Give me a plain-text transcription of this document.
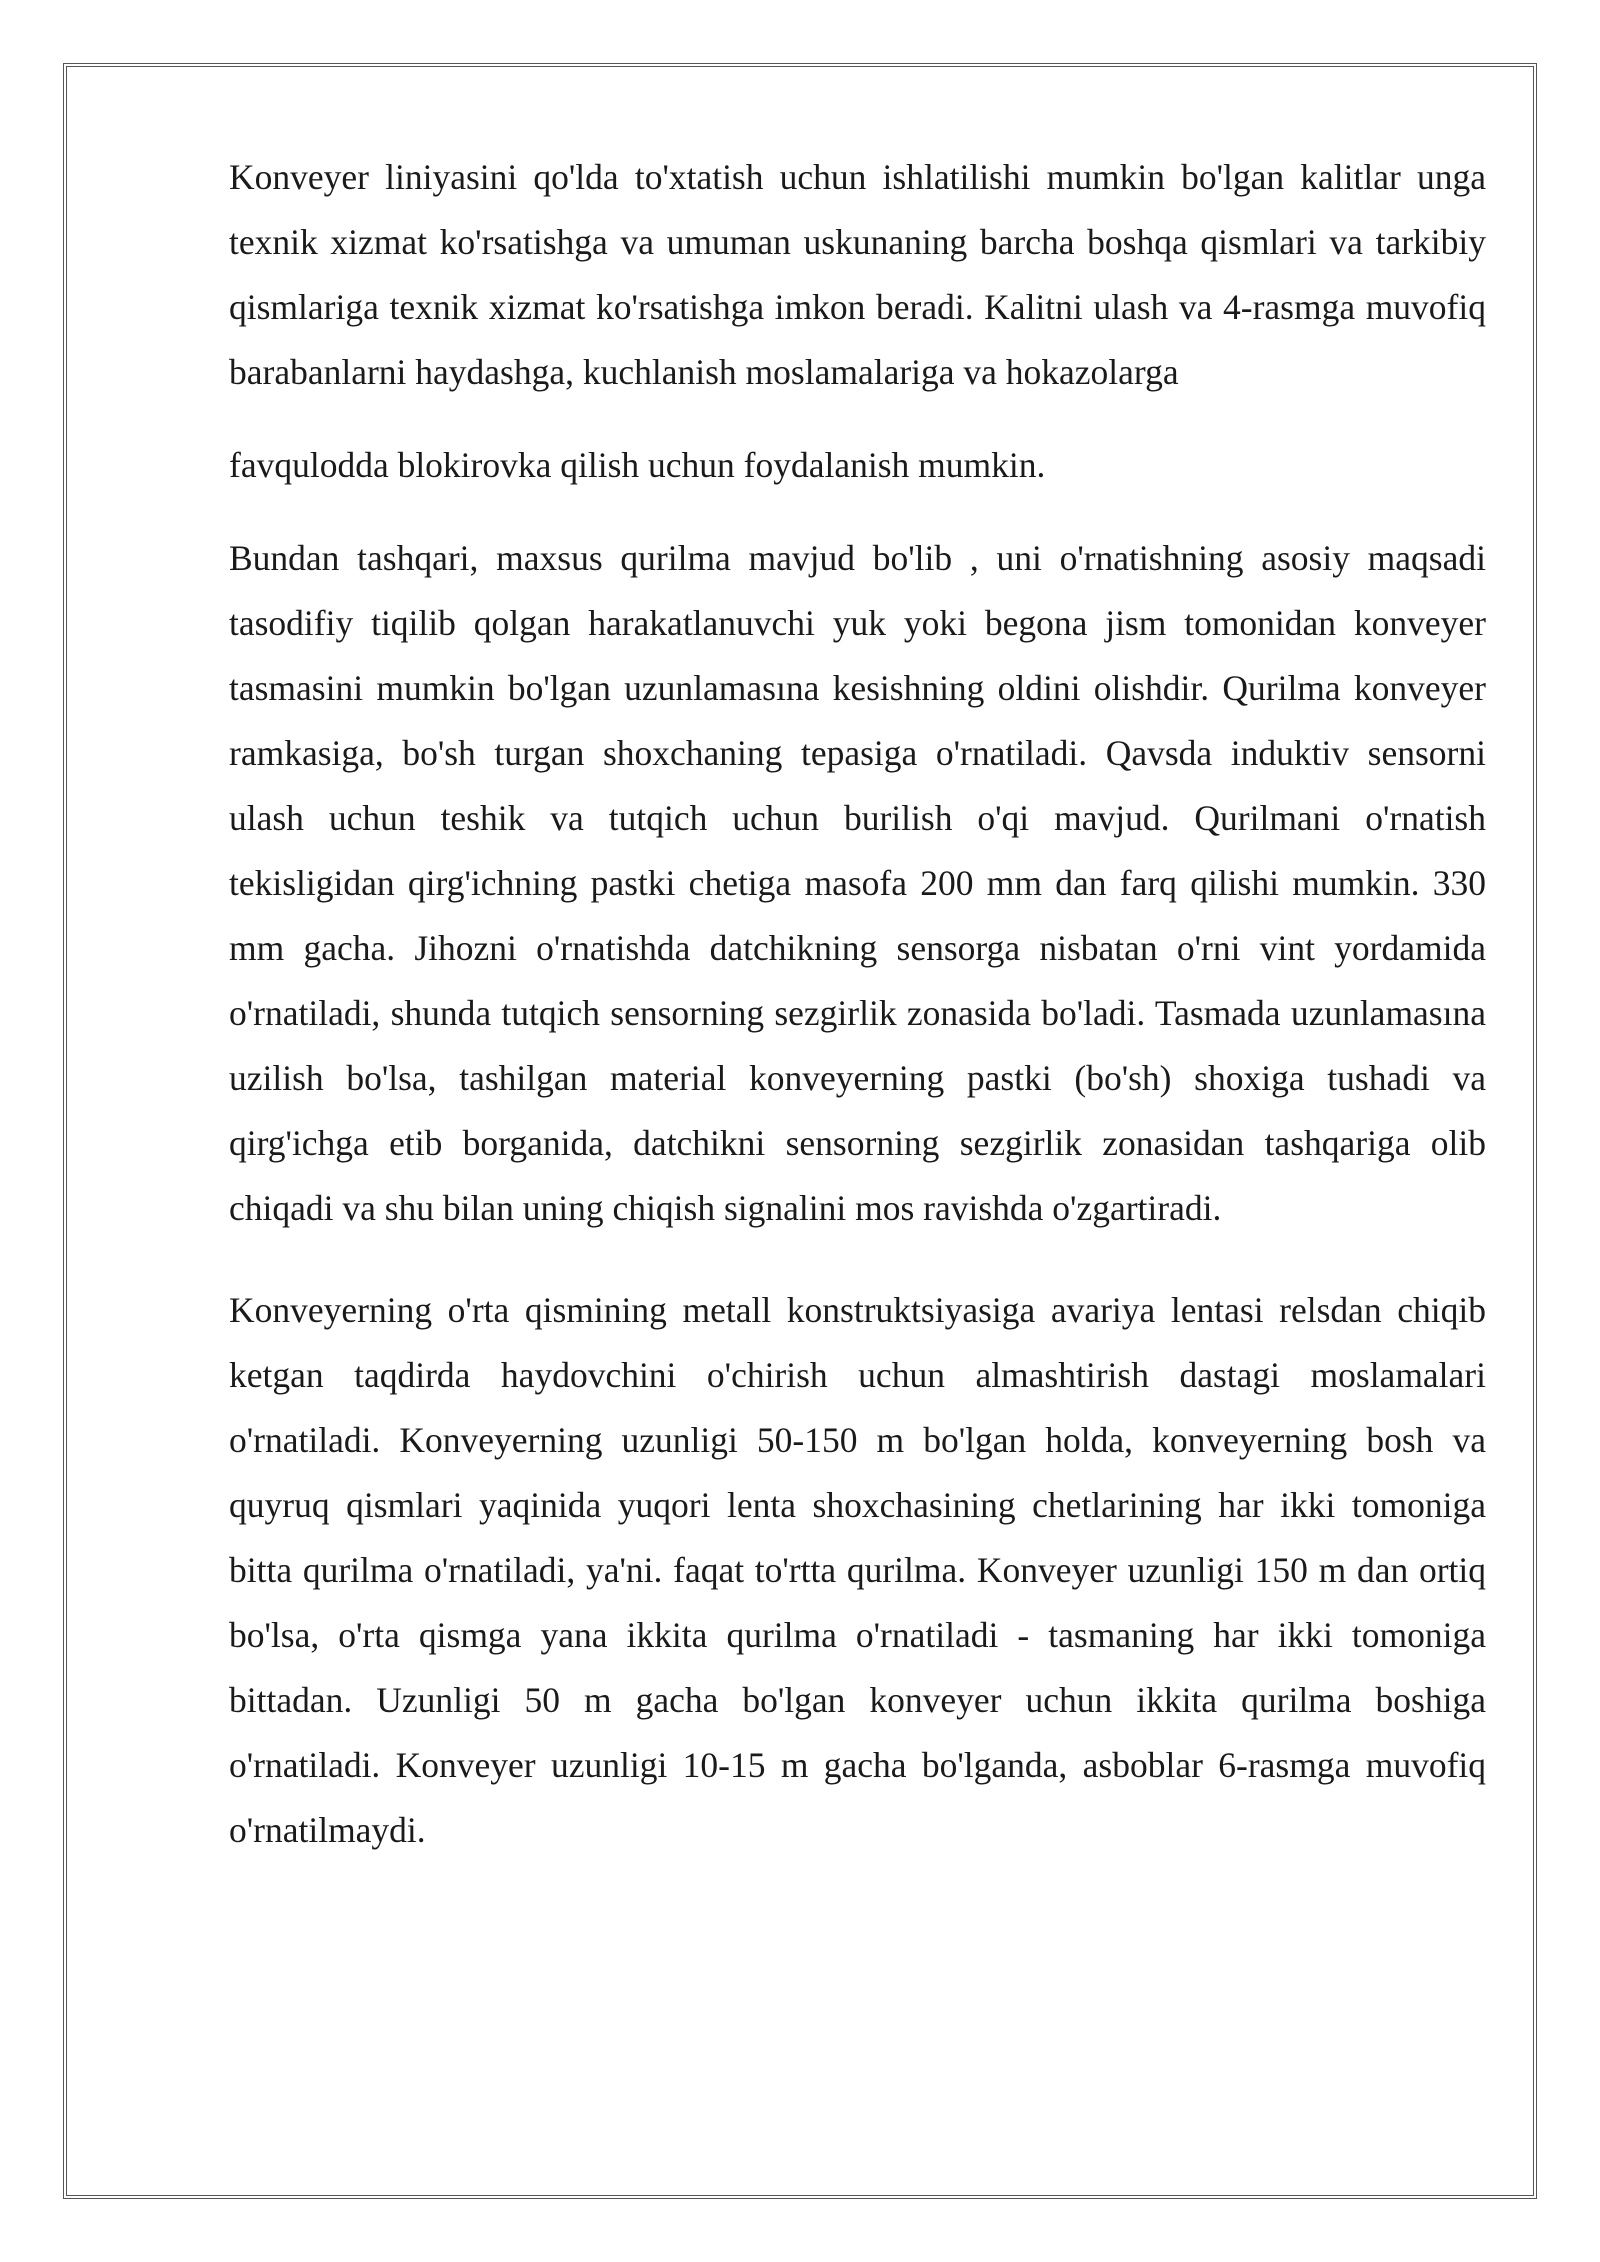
Konveyer liniyasini qo'lda to'xtatish uchun ishlatilishi mumkin bo'lgan kalitlar unga texnik xizmat ko'rsatishga va umuman uskunaning barcha boshqa qismlari va tarkibiy qismlariga texnik xizmat ko'rsatishga imkon beradi. Kalitni ulash va 4-rasmga muvofiq barabanlarni haydashga, kuchlanish moslamalariga va hokazolarga

favqulodda blokirovka qilish uchun foydalanish mumkin.

Bundan tashqari, maxsus qurilma mavjud bo'lib , uni o'rnatishning asosiy maqsadi tasodifiy tiqilib qolgan harakatlanuvchi yuk yoki begona jism tomonidan konveyer tasmasini mumkin bo'lgan uzunlamasına kesishning oldini olishdir. Qurilma konveyer ramkasiga, bo'sh turgan shoxchaning tepasiga o'rnatiladi. Qavsda induktiv sensorni ulash uchun teshik va tutqich uchun burilish o'qi mavjud. Qurilmani o'rnatish tekisligidan qirg'ichning pastki chetiga masofa 200 mm dan farq qilishi mumkin. 330 mm gacha. Jihozni o'rnatishda datchikning sensorga nisbatan o'rni vint yordamida o'rnatiladi, shunda tutqich sensorning sezgirlik zonasida bo'ladi. Tasmada uzunlamasına uzilish bo'lsa, tashilgan material konveyerning pastki (bo'sh) shoxiga tushadi va qirg'ichga etib borganida, datchikni sensorning sezgirlik zonasidan tashqariga olib chiqadi va shu bilan uning chiqish signalini mos ravishda o'zgartiradi.

Konveyerning o'rta qismining metall konstruktsiyasiga avariya lentasi relsdan chiqib ketgan taqdirda haydovchini o'chirish uchun almashtirish dastagi moslamalari o'rnatiladi. Konveyerning uzunligi 50-150 m bo'lgan holda, konveyerning bosh va quyruq qismlari yaqinida yuqori lenta shoxchasining chetlarining har ikki tomoniga bitta qurilma o'rnatiladi, ya'ni. faqat to'rtta qurilma. Konveyer uzunligi 150 m dan ortiq bo'lsa, o'rta qismga yana ikkita qurilma o'rnatiladi - tasmaning har ikki tomoniga bittadan. Uzunligi 50 m gacha bo'lgan konveyer uchun ikkita qurilma boshiga o'rnatiladi. Konveyer uzunligi 10-15 m gacha bo'lganda, asboblar 6-rasmga muvofiq o'rnatilmaydi.
